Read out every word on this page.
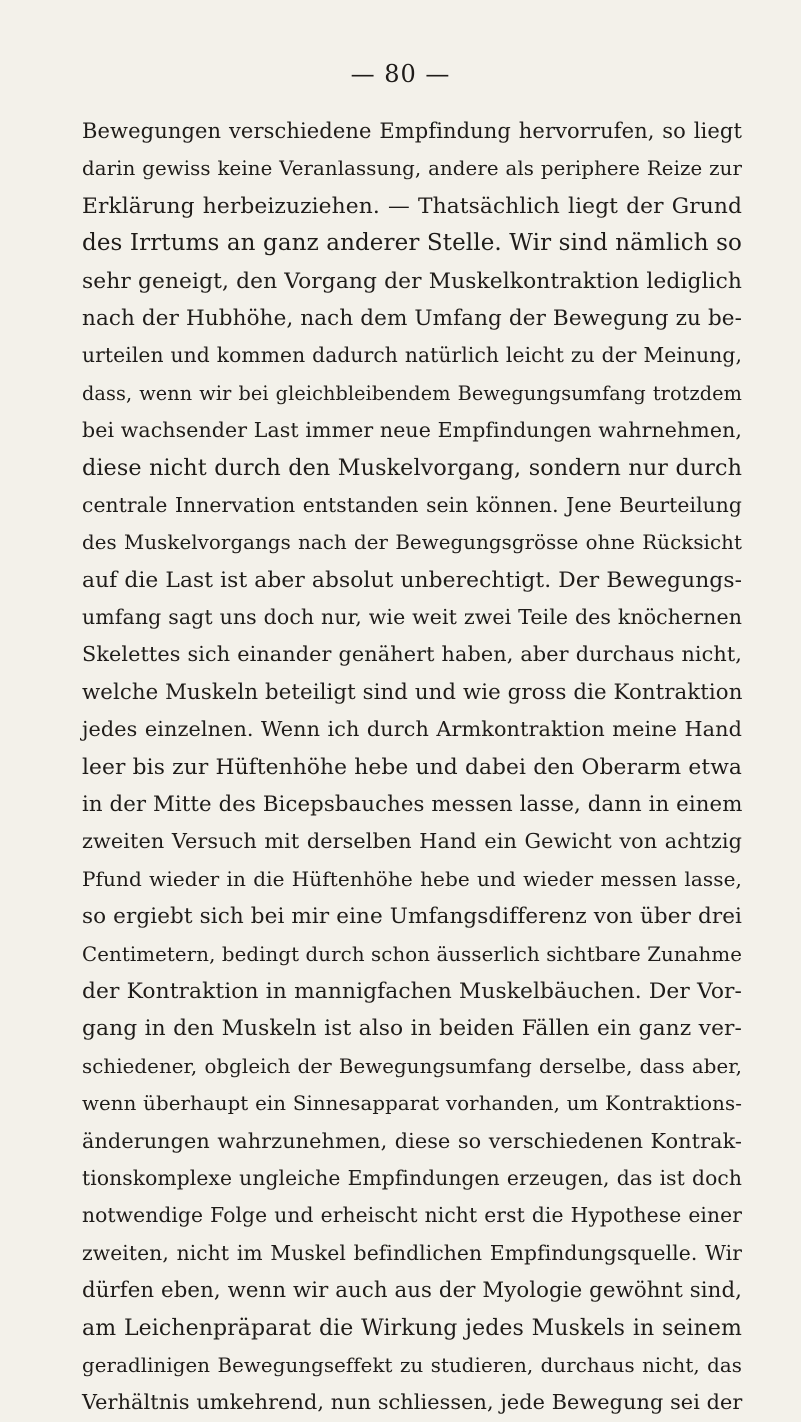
— 80 —
Bewegungen verschiedene Empfindung hervorrufen, so liegt
darin gewiss keine Veranlassung, andere als periphere Reize zur
Erklärung herbeizuziehen. — Thatsächlich liegt der Grund
des Irrtums an ganz anderer Stelle. Wir sind nämlich so
sehr geneigt, den Vorgang der Muskelkontraktion lediglich
nach der Hubhöhe, nach dem Umfang der Bewegung zu be-
urteilen und kommen dadurch natürlich leicht zu der Meinung,
dass, wenn wir bei gleichbleibendem Bewegungsumfang trotzdem
bei wachsender Last immer neue Empfindungen wahrnehmen,
diese nicht durch den Muskelvorgang, sondern nur durch
centrale Innervation entstanden sein können. Jene Beurteilung
des Muskelvorgangs nach der Bewegungsgrösse ohne Rücksicht
auf die Last ist aber absolut unberechtigt. Der Bewegungs-
umfang sagt uns doch nur, wie weit zwei Teile des knöchernen
Skelettes sich einander genähert haben, aber durchaus nicht,
welche Muskeln beteiligt sind und wie gross die Kontraktion
jedes einzelnen. Wenn ich durch Armkontraktion meine Hand
leer bis zur Hüftenhöhe hebe und dabei den Oberarm etwa
in der Mitte des Bicepsbauches messen lasse, dann in einem
zweiten Versuch mit derselben Hand ein Gewicht von achtzig
Pfund wieder in die Hüftenhöhe hebe und wieder messen lasse,
so ergiebt sich bei mir eine Umfangsdifferenz von über drei
Centimetern, bedingt durch schon äusserlich sichtbare Zunahme
der Kontraktion in mannigfachen Muskelbäuchen. Der Vor-
gang in den Muskeln ist also in beiden Fällen ein ganz ver-
schiedener, obgleich der Bewegungsumfang derselbe, dass aber,
wenn überhaupt ein Sinnesapparat vorhanden, um Kontraktions-
änderungen wahrzunehmen, diese so verschiedenen Kontrak-
tionskomplexe ungleiche Empfindungen erzeugen, das ist doch
notwendige Folge und erheischt nicht erst die Hypothese einer
zweiten, nicht im Muskel befindlichen Empfindungsquelle. Wir
dürfen eben, wenn wir auch aus der Myologie gewöhnt sind,
am Leichenpräparat die Wirkung jedes Muskels in seinem
geradlinigen Bewegungseffekt zu studieren, durchaus nicht, das
Verhältnis umkehrend, nun schliessen, jede Bewegung sei der
